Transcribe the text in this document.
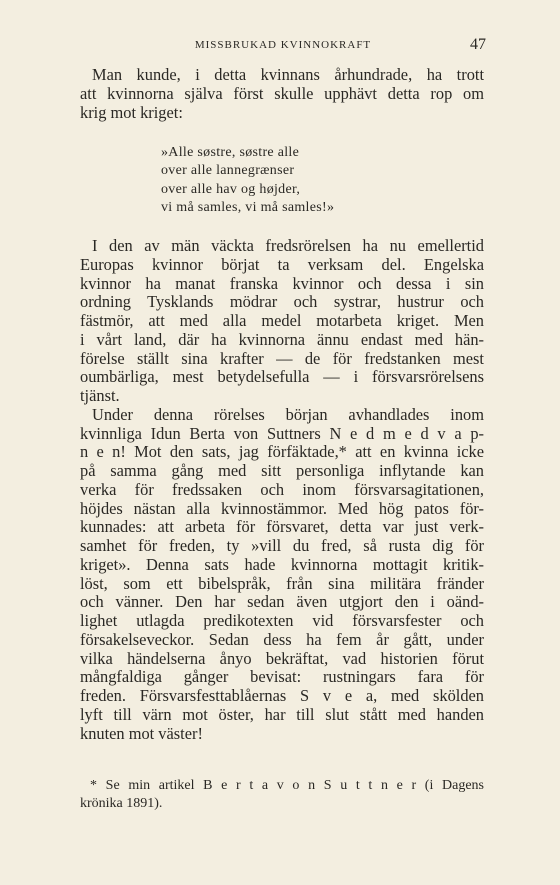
MISSBRUKAD KVINNOKRAFT	47
Man kunde, i detta kvinnans århundrade, ha trott
att kvinnorna själva först skulle upphävt detta rop om
krig mot kriget:
»Alle søstre, søstre alle
over alle lannegrænser
over alle hav og højder,
vi må samles, vi må samles!»
I den av män väckta fredsrörelsen ha nu emellertid
Europas kvinnor börjat ta verksam del. Engelska
kvinnor ha manat franska kvinnor och dessa i sin
ordning Tysklands mödrar och systrar, hustrur och
fästmör, att med alla medel motarbeta kriget. Men
i vårt land, där ha kvinnorna ännu endast med hän-
förelse ställt sina krafter — de för fredstanken mest
oumbärliga, mest betydelsefulla — i försvarsrörelsens
tjänst.
Under denna rörelses början avhandlades inom
kvinnliga Idun Berta von Suttners N e d m e d v a p-
n e n! Mot den sats, jag förfäktade,* att en kvinna icke
på samma gång med sitt personliga inflytande kan
verka för fredssaken och inom försvarsagitationen,
höjdes nästan alla kvinnostämmor. Med hög patos för-
kunnades: att arbeta för försvaret, detta var just verk-
samhet för freden, ty »vill du fred, så rusta dig för
kriget». Denna sats hade kvinnorna mottagit kritik-
löst, som ett bibelspråk, från sina militära fränder
och vänner. Den har sedan även utgjort den i oänd-
lighet utlagda predikotexten vid försvarsfester och
försakelseveckor. Sedan dess ha fem år gått, under
vilka händelserna ånyo bekräftat, vad historien förut
mångfaldiga gånger bevisat: rustningars fara för
freden. Försvarsfesttablåernas S v e a, med skölden
lyft till värn mot öster, har till slut stått med handen
knuten mot väster!
* Se min artikel B e r t a v o n S u t t n e r (i Dagens
krönika 1891).
